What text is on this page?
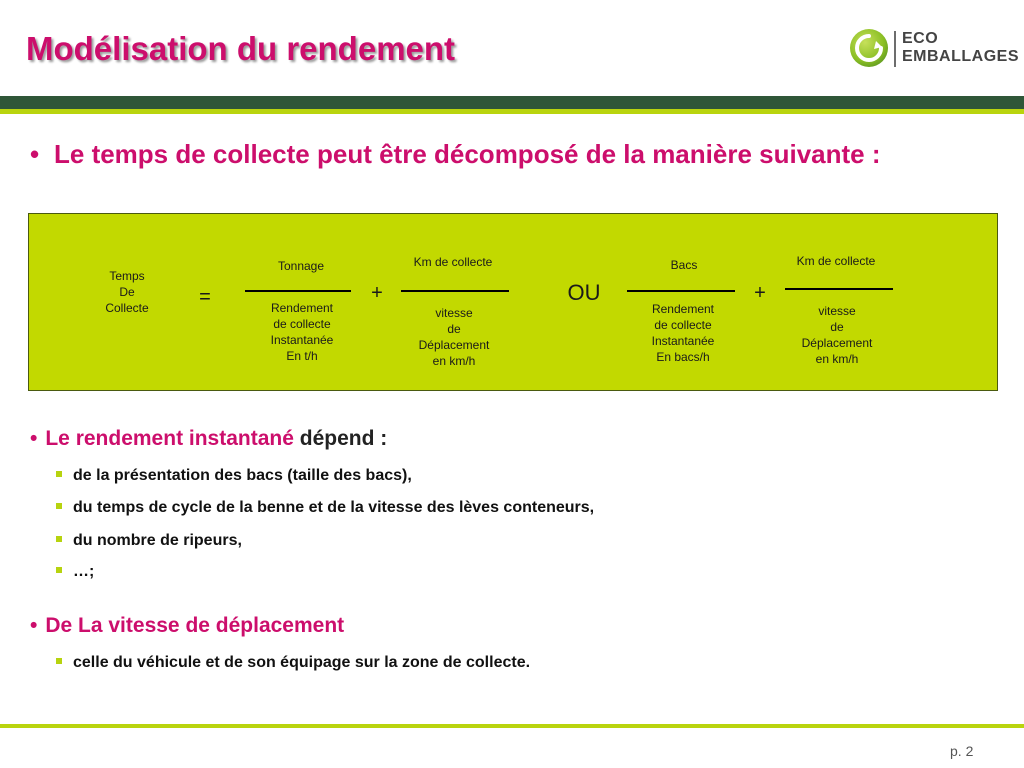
Modélisation du rendement	ECO
EMBALLAGES
• Le temps de collecte peut être décomposé de la manière suivante :
Temps
De
Collecte	=
Tonnage
Rendement
de collecte
Instantanée
En t/h
+
Km de collecte
vitesse
de
Déplacement
en km/h
OU
Bacs
Rendement
de collecte
Instantanée
En bacs/h
+
Km de collecte
vitesse
de
Déplacement
en km/h
• Le rendement instantané dépend :
de la présentation des bacs (taille des bacs),
du temps de cycle de la benne et de la vitesse des lèves conteneurs,
du nombre de ripeurs,
…;
• De La vitesse de déplacement
celle du véhicule et de son équipage sur la zone de collecte.
p. 2
